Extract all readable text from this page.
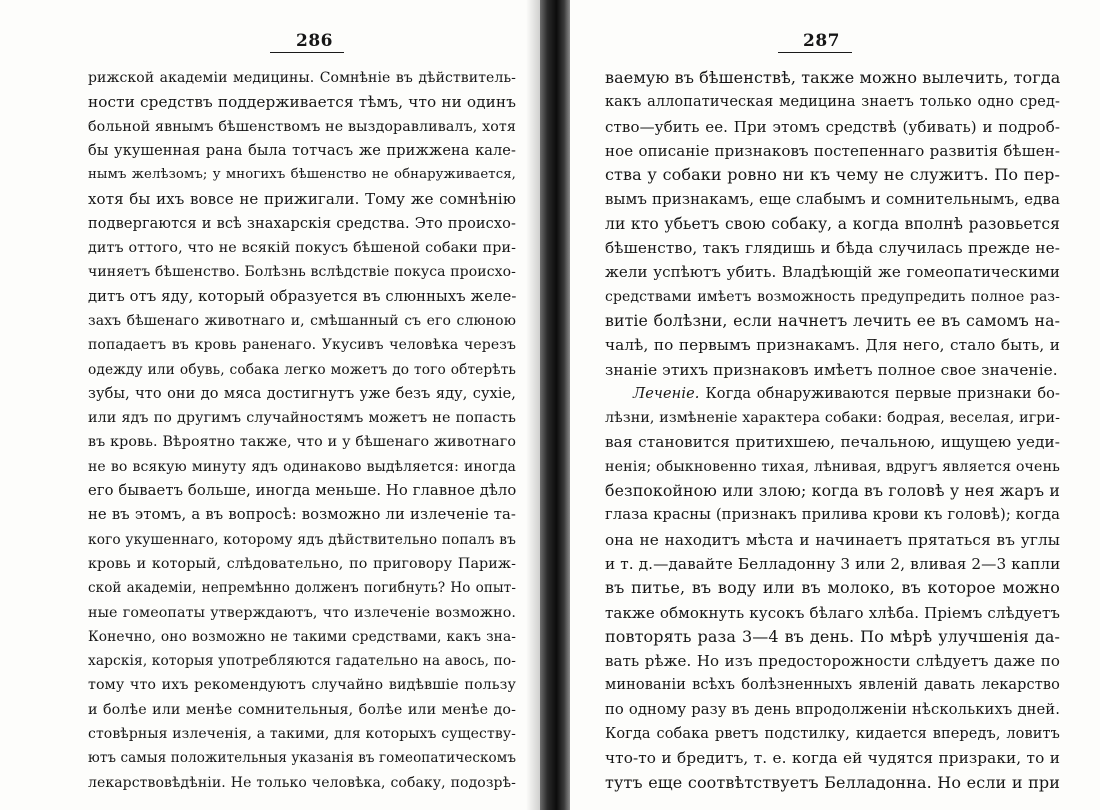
286
рижской академіи медицины. Сомнѣніе въ дѣйствитель-
ности средствъ поддерживается тѣмъ, что ни одинъ
больной явнымъ бѣшенствомъ не выздоравливалъ, хотя
бы укушенная рана была тотчасъ же прижжена кале-
нымъ желѣзомъ; у многихъ бѣшенство не обнаруживается,
хотя бы ихъ вовсе не прижигали. Тому же сомнѣнію
подвергаются и всѣ знахарскія средства. Это происхо-
дитъ оттого, что не всякій покусъ бѣшеной собаки при-
чиняетъ бѣшенство. Болѣзнь вслѣдствіе покуса происхо-
дитъ отъ яду, который образуется въ слюнныхъ желе-
захъ бѣшенаго животнаго и, смѣшанный съ его слюною
попадаетъ въ кровь раненаго. Укусивъ человѣка черезъ
одежду или обувь, собака легко можетъ до того обтерѣть
зубы, что они до мяса достигнутъ уже безъ яду, сухіе,
или ядъ по другимъ случайностямъ можетъ не попасть
въ кровь. Вѣроятно также, что и у бѣшенаго животнаго
не во всякую минуту ядъ одинаково выдѣляется: иногда
его бываетъ больше, иногда меньше. Но главное дѣло
не въ этомъ, а въ вопросѣ: возможно ли излеченіе та-
кого укушеннаго, которому ядъ дѣйствительно попалъ въ
кровь и который, слѣдовательно, по приговору Париж-
ской академіи, непремѣнно долженъ погибнуть? Но опыт-
ные гомеопаты утверждаютъ, что излеченіе возможно.
Конечно, оно возможно не такими средствами, какъ зна-
харскія, которыя употребляются гадательно на авось, по-
тому что ихъ рекомендуютъ случайно видѣвшіе пользу
и болѣе или менѣе сомнительныя, болѣе или менѣе до-
стовѣрныя излеченія, а такими, для которыхъ существу-
ютъ самыя положительныя указанія въ гомеопатическомъ
лекарствовѣдѣніи. Не только человѣка, собаку, подозрѣ-
287
ваемую въ бѣшенствѣ, также можно вылечить, тогда
какъ аллопатическая медицина знаетъ только одно сред-
ство—убить ее. При этомъ средствѣ (убивать) и подроб-
ное описаніе признаковъ постепеннаго развитія бѣшен-
ства у собаки ровно ни къ чему не служитъ. По пер-
вымъ признакамъ, еще слабымъ и сомнительнымъ, едва
ли кто убьетъ свою собаку, а когда вполнѣ разовьется
бѣшенство, такъ глядишь и бѣда случилась прежде не-
жели успѣютъ убить. Владѣющій же гомеопатическими
средствами имѣетъ возможность предупредить полное раз-
витіе болѣзни, если начнетъ лечить ее въ самомъ на-
чалѣ, по первымъ признакамъ. Для него, стало быть, и
знаніе этихъ признаковъ имѣетъ полное свое значеніе.
Леченіе. Когда обнаруживаются первые признаки бо-
лѣзни, измѣненіе характера собаки: бодрая, веселая, игри-
вая становится притихшею, печальною, ищущею уеди-
ненія; обыкновенно тихая, лѣнивая, вдругъ является очень
безпокойною или злою; когда въ головѣ у нея жаръ и
глаза красны (признакъ прилива крови къ головѣ); когда
она не находитъ мѣста и начинаетъ прятаться въ углы
и т. д.—давайте Белладонну 3 или 2, вливая 2—3 капли
въ питье, въ воду или въ молоко, въ которое можно
также обмокнуть кусокъ бѣлаго хлѣба. Пріемъ слѣдуетъ
повторять раза 3—4 въ день. По мѣрѣ улучшенія да-
вать рѣже. Но изъ предосторожности слѣдуетъ даже по
минованіи всѣхъ болѣзненныхъ явленій давать лекарство
по одному разу въ день впродолженіи нѣсколькихъ дней.
Когда собака рветъ подстилку, кидается впередъ, ловитъ
что-то и бредитъ, т. е. когда ей чудятся призраки, то и
тутъ еще соотвѣтствуетъ Белладонна. Но если и при
